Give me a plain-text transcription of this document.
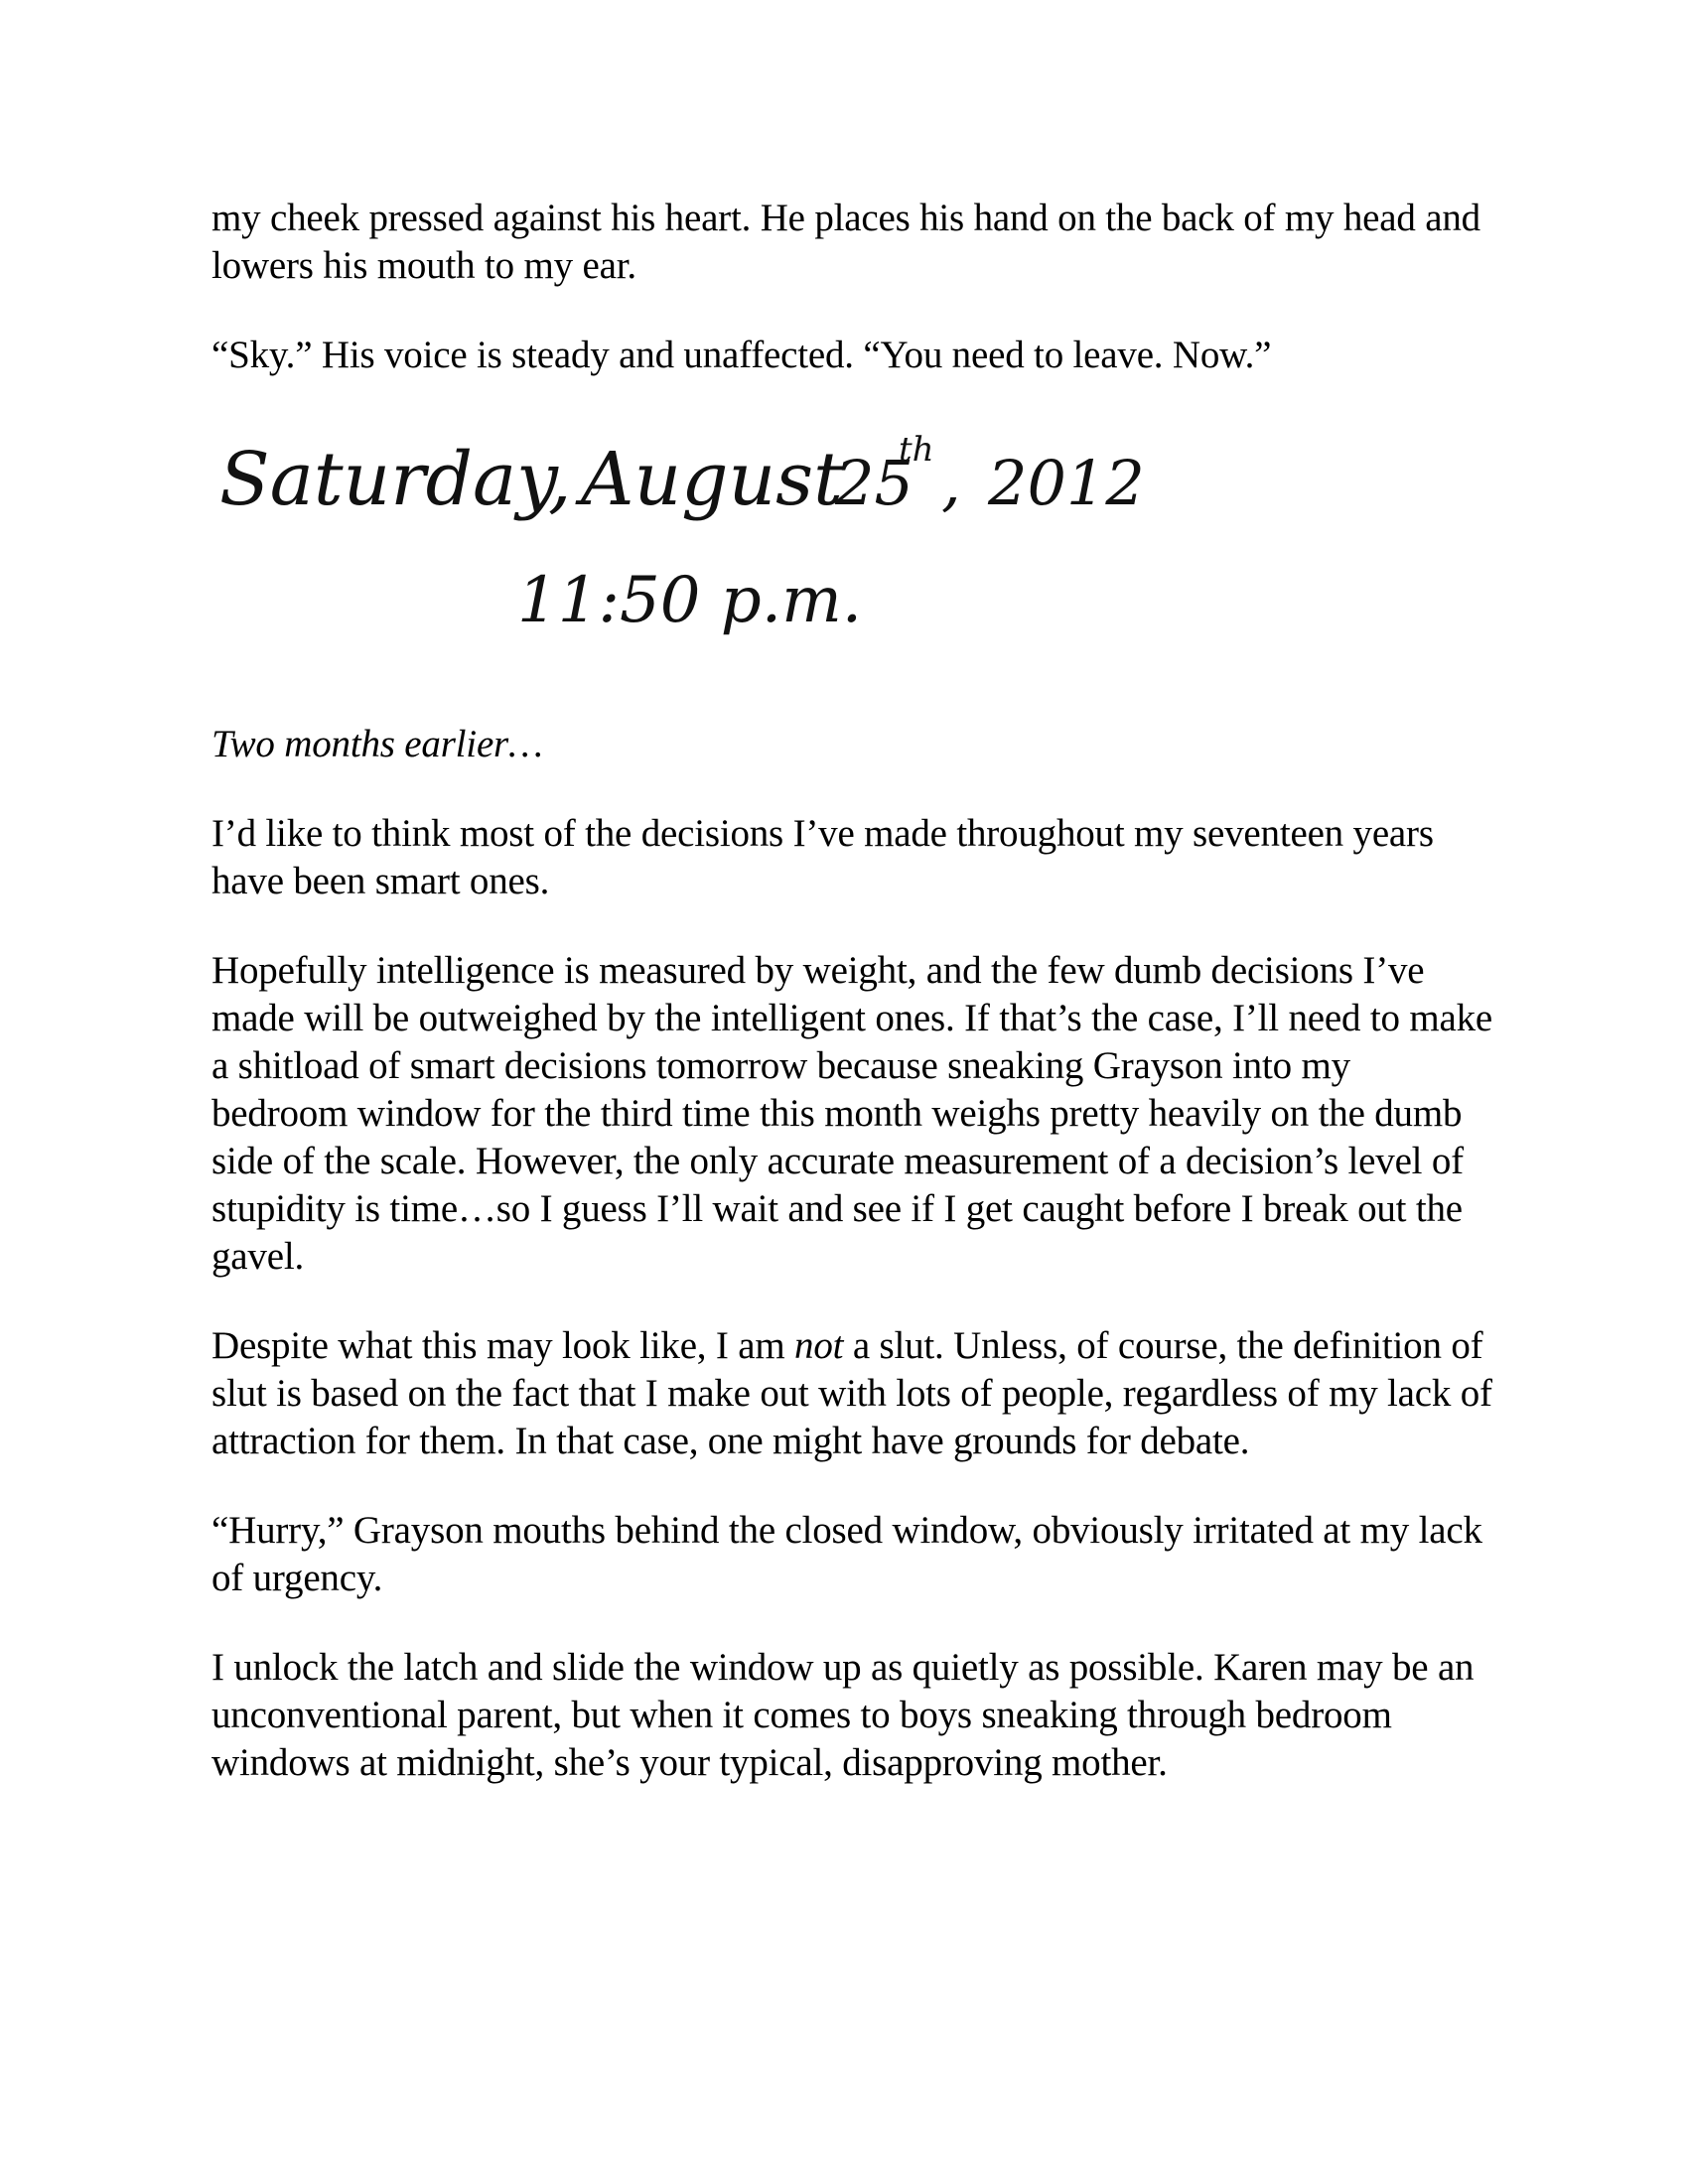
my cheek pressed against his heart. He places his hand on the back of my head and lowers his mouth to my ear.

“Sky.” His voice is steady and unaffected. “You need to leave. Now.”

Saturday, August
25
th , 2012
11:50 p.m.

Two months earlier…

I’d like to think most of the decisions I’ve made throughout my seventeen years have been smart ones.

Hopefully intelligence is measured by weight, and the few dumb decisions I’ve made will be outweighed by the intelligent ones. If that’s the case, I’ll need to make a shitload of smart decisions tomorrow because sneaking Grayson into my bedroom window for the third time this month weighs pretty heavily on the dumb side of the scale. However, the only accurate measurement of a decision’s level of stupidity is time…so I guess I’ll wait and see if I get caught before I break out the gavel.

Despite what this may look like, I am not a slut. Unless, of course, the definition of slut is based on the fact that I make out with lots of people, regardless of my lack of attraction for them. In that case, one might have grounds for debate.

“Hurry,” Grayson mouths behind the closed window, obviously irritated at my lack of urgency.

I unlock the latch and slide the window up as quietly as possible. Karen may be an unconventional parent, but when it comes to boys sneaking through bedroom windows at midnight, she’s your typical, disapproving mother.
